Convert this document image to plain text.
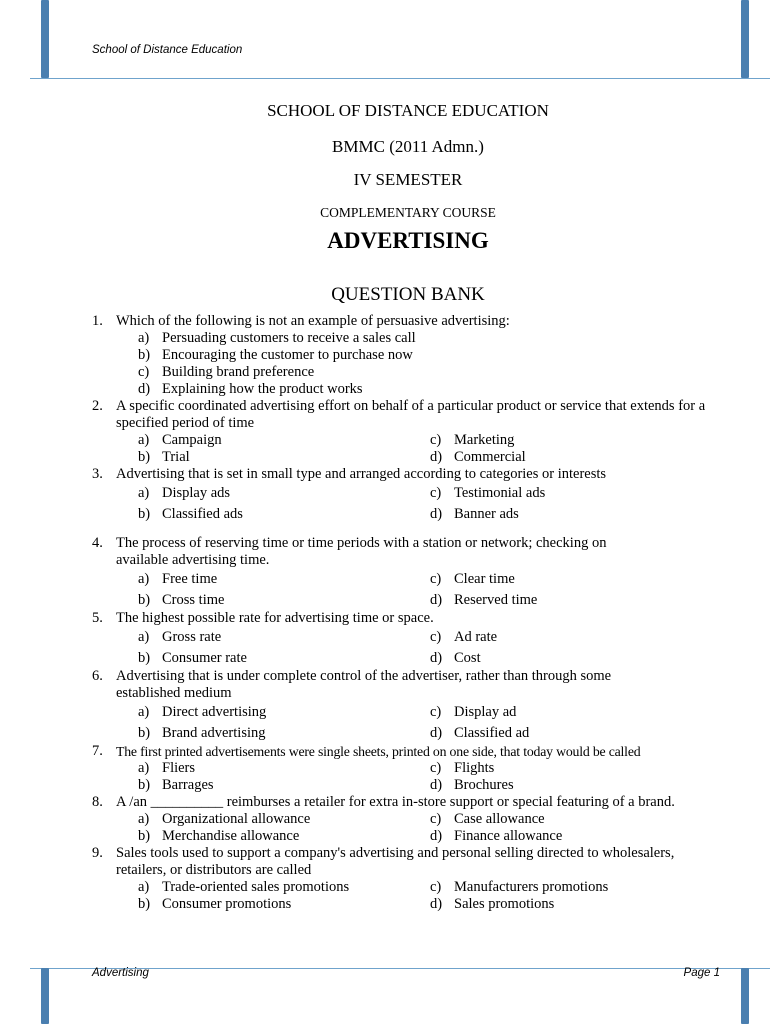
School of Distance Education
SCHOOL OF DISTANCE EDUCATION
BMMC (2011 Admn.)
IV SEMESTER
COMPLEMENTARY COURSE
ADVERTISING
QUESTION BANK
1. Which of the following is not an example of persuasive advertising:
a) Persuading customers to receive a sales call
b) Encouraging the customer to purchase now
c) Building brand preference
d) Explaining how the product works
2. A specific coordinated advertising effort on behalf of a particular product or service that extends for a specified period of time
a) Campaign	c) Marketing
b) Trial	d) Commercial
3. Advertising that is set in small type and arranged according to categories or interests
a) Display ads	c) Testimonial ads
b) Classified ads	d) Banner ads
4. The process of reserving time or time periods with a station or network; checking on available advertising time.
a) Free time	c) Clear time
b) Cross time	d) Reserved time
5. The highest possible rate for advertising time or space.
a) Gross rate	c) Ad rate
b) Consumer rate	d) Cost
6. Advertising that is under complete control of the advertiser, rather than through some established medium
a) Direct advertising	c) Display ad
b) Brand advertising	d) Classified ad
7. The first printed advertisements were single sheets, printed on one side, that today would be called
a) Fliers	c) Flights
b) Barrages	d) Brochures
8. A /an __________ reimburses a retailer for extra in-store support or special featuring of a brand.
a) Organizational allowance	c) Case allowance
b) Merchandise allowance	d) Finance allowance
9. Sales tools used to support a company's advertising and personal selling directed to wholesalers, retailers, or distributors are called
a) Trade-oriented sales promotions	c) Manufacturers promotions
b) Consumer promotions	d) Sales promotions
Advertising	Page 1
